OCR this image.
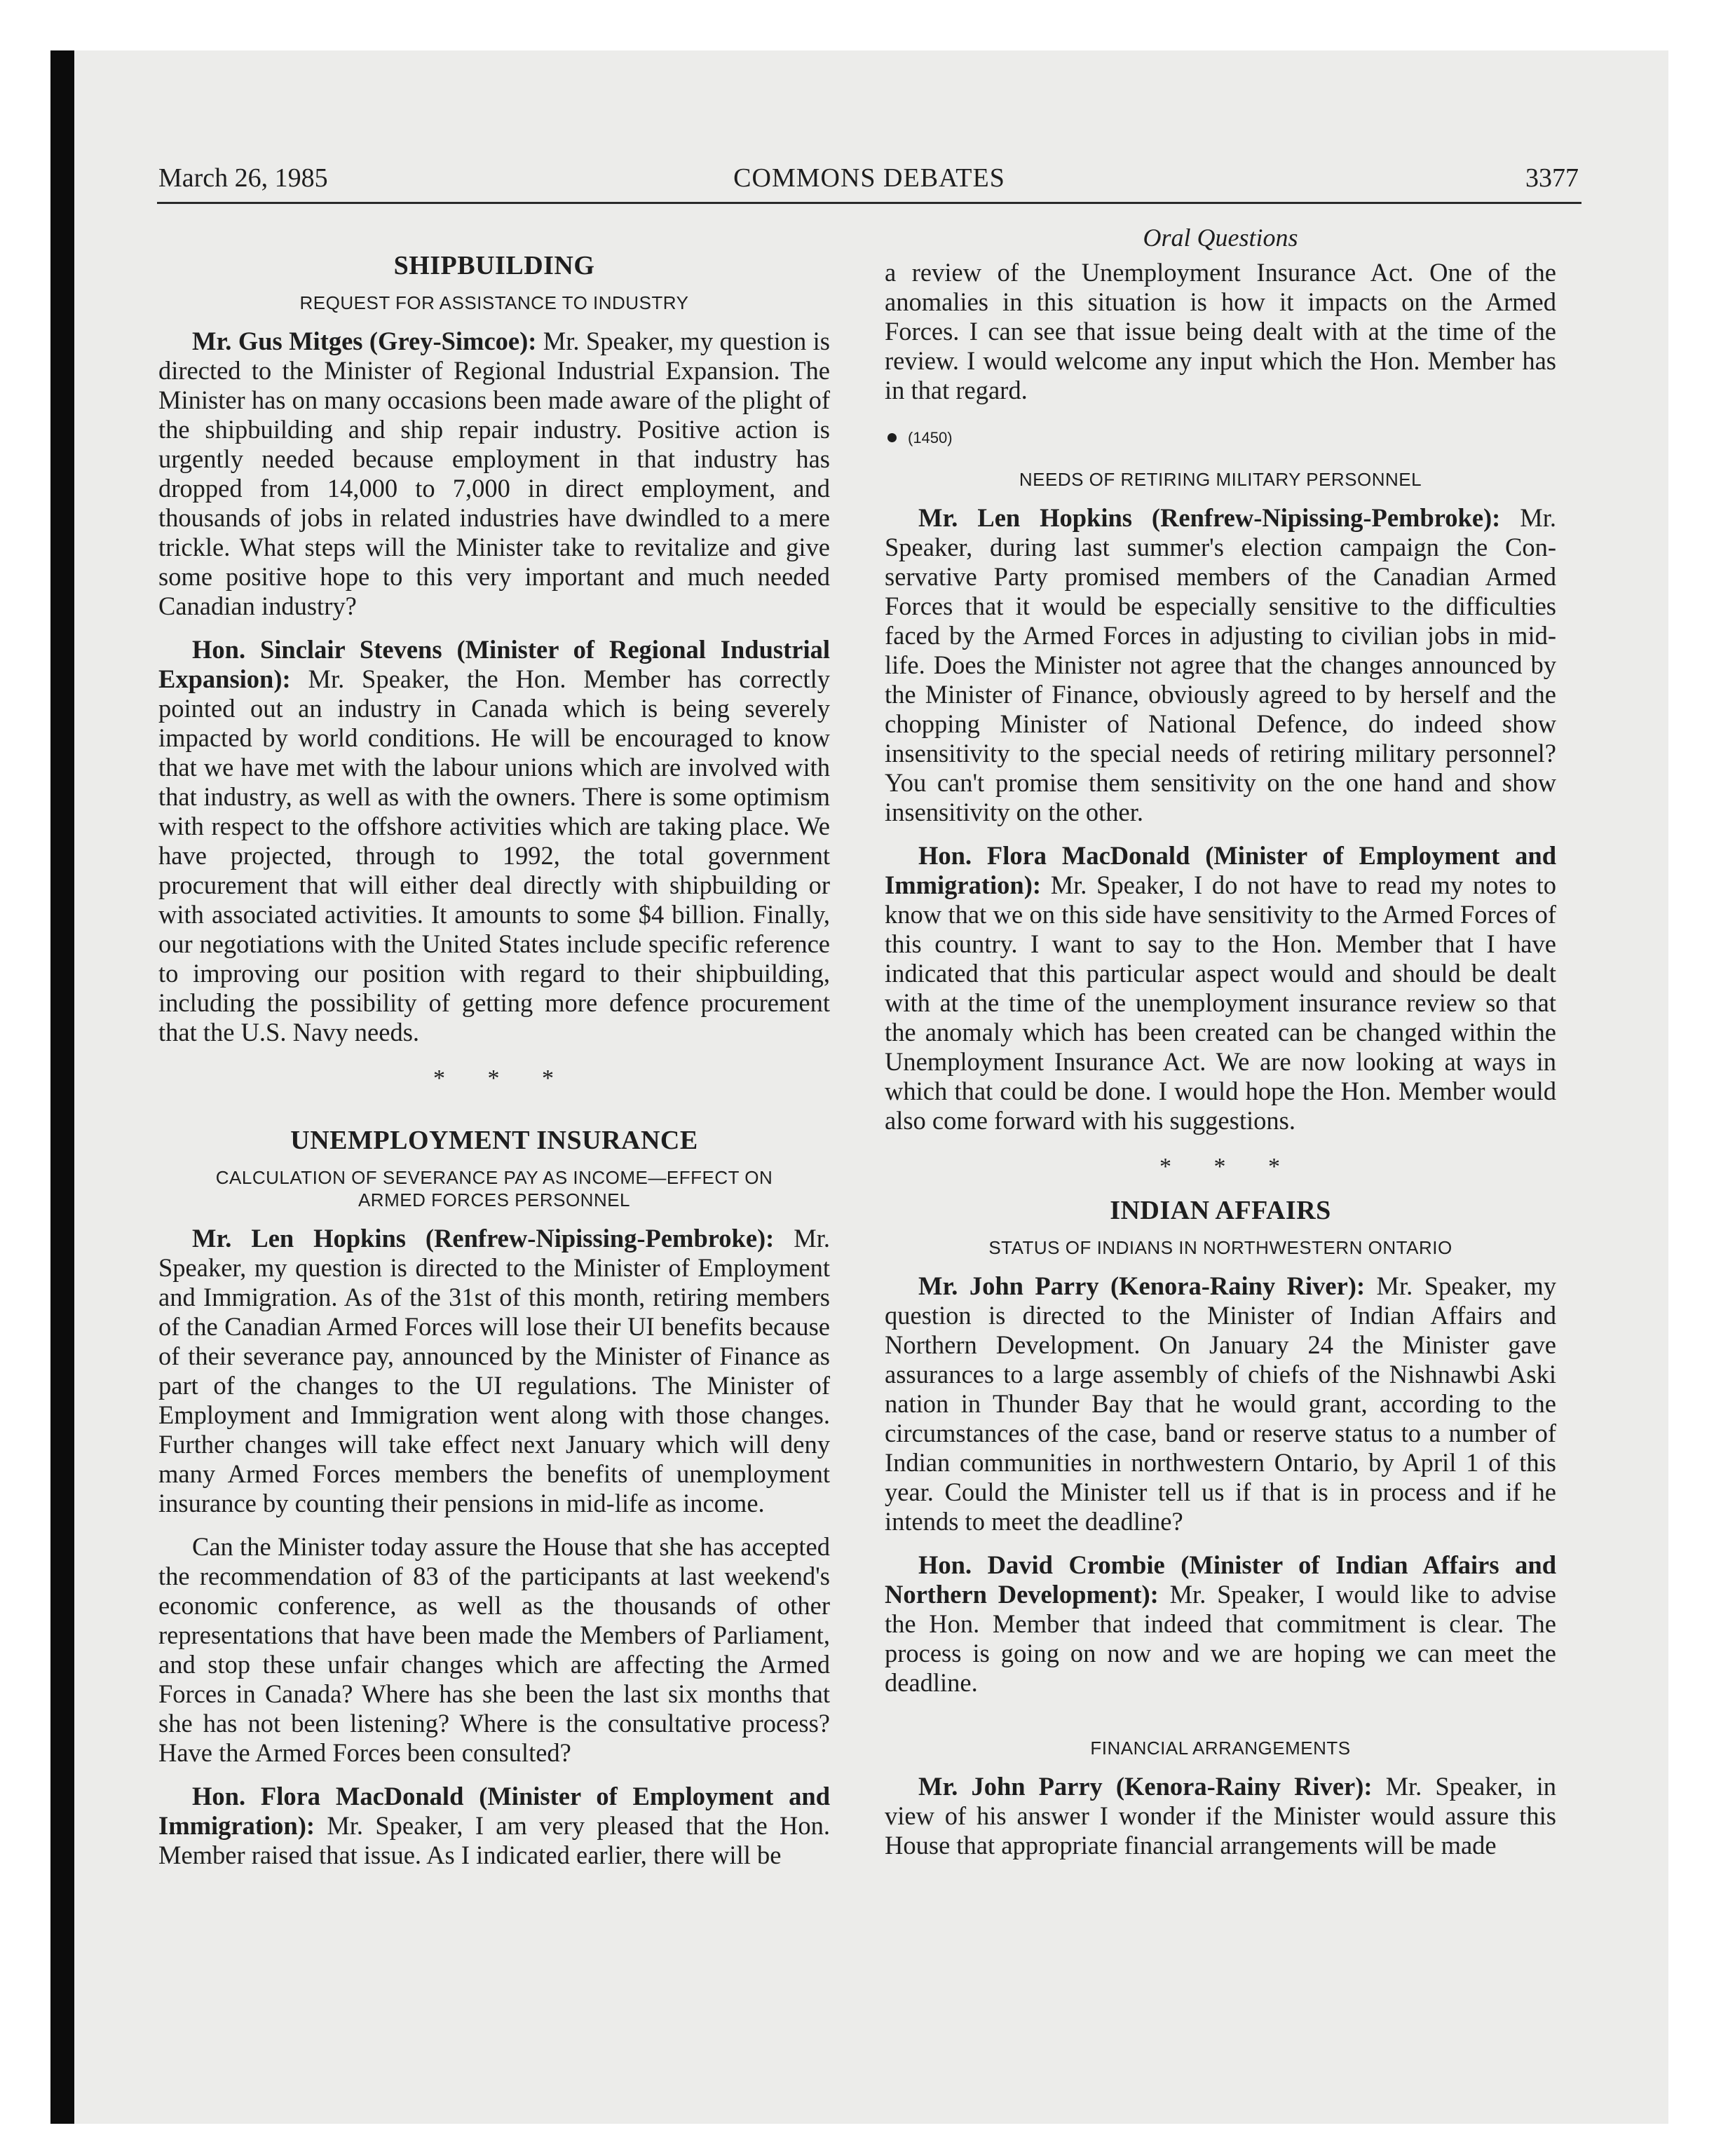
March 26, 1985	COMMONS DEBATES	3377
SHIPBUILDING
REQUEST FOR ASSISTANCE TO INDUSTRY

Mr. Gus Mitges (Grey-Simcoe): Mr. Speaker, my question is directed to the Minister of Regional Industrial Expansion. The Minister has on many occasions been made aware of the plight of the shipbuilding and ship repair industry. Positive action is urgently needed because employment in that industry has dropped from 14,000 to 7,000 in direct employment, and thousands of jobs in related industries have dwindled to a mere trickle. What steps will the Minister take to revitalize and give some positive hope to this very important and much needed Canadian industry?

Hon. Sinclair Stevens (Minister of Regional Industrial Expansion): Mr. Speaker, the Hon. Member has correctly pointed out an industry in Canada which is being severely impacted by world conditions. He will be encouraged to know that we have met with the labour unions which are involved with that industry, as well as with the owners. There is some optimism with respect to the offshore activities which are taking place. We have projected, through to 1992, the total government procurement that will either deal directly with shipbuilding or with associated activities. It amounts to some $4 billion. Finally, our negotiations with the United States include specific reference to improving our position with regard to their shipbuilding, including the possibility of getting more defence procurement that the U.S. Navy needs.

* * *
UNEMPLOYMENT INSURANCE
CALCULATION OF SEVERANCE PAY AS INCOME—EFFECT ON ARMED FORCES PERSONNEL

Mr. Len Hopkins (Renfrew-Nipissing-Pembroke): Mr. Speaker, my question is directed to the Minister of Employment and Immigration. As of the 31st of this month, retiring members of the Canadian Armed Forces will lose their UI benefits because of their severance pay, announced by the Minister of Finance as part of the changes to the UI regulations. The Minister of Employment and Immigration went along with those changes. Further changes will take effect next January which will deny many Armed Forces members the benefits of unemployment insurance by counting their pensions in mid-life as income.

Can the Minister today assure the House that she has accepted the recommendation of 83 of the participants at last weekend's economic conference, as well as the thousands of other representations that have been made the Members of Parliament, and stop these unfair changes which are affecting the Armed Forces in Canada? Where has she been the last six months that she has not been listening? Where is the consultative process? Have the Armed Forces been consulted?

Hon. Flora MacDonald (Minister of Employment and Immigration): Mr. Speaker, I am very pleased that the Hon. Member raised that issue. As I indicated earlier, there will be

Oral Questions

a review of the Unemployment Insurance Act. One of the anomalies in this situation is how it impacts on the Armed Forces. I can see that issue being dealt with at the time of the review. I would welcome any input which the Hon. Member has in that regard.

(1450)
NEEDS OF RETIRING MILITARY PERSONNEL

Mr. Len Hopkins (Renfrew-Nipissing-Pembroke): Mr. Speaker, during last summer's election campaign the Conservative Party promised members of the Canadian Armed Forces that it would be especially sensitive to the difficulties faced by the Armed Forces in adjusting to civilian jobs in mid-life. Does the Minister not agree that the changes announced by the Minister of Finance, obviously agreed to by herself and the chopping Minister of National Defence, do indeed show insensitivity to the special needs of retiring military personnel? You can't promise them sensitivity on the one hand and show insensitivity on the other.

Hon. Flora MacDonald (Minister of Employment and Immigration): Mr. Speaker, I do not have to read my notes to know that we on this side have sensitivity to the Armed Forces of this country. I want to say to the Hon. Member that I have indicated that this particular aspect would and should be dealt with at the time of the unemployment insurance review so that the anomaly which has been created can be changed within the Unemployment Insurance Act. We are now looking at ways in which that could be done. I would hope the Hon. Member would also come forward with his suggestions.

* * *
INDIAN AFFAIRS
STATUS OF INDIANS IN NORTHWESTERN ONTARIO

Mr. John Parry (Kenora-Rainy River): Mr. Speaker, my question is directed to the Minister of Indian Affairs and Northern Development. On January 24 the Minister gave assurances to a large assembly of chiefs of the Nishnawbi Aski nation in Thunder Bay that he would grant, according to the circumstances of the case, band or reserve status to a number of Indian communities in northwestern Ontario, by April 1 of this year. Could the Minister tell us if that is in process and if he intends to meet the deadline?

Hon. David Crombie (Minister of Indian Affairs and Northern Development): Mr. Speaker, I would like to advise the Hon. Member that indeed that commitment is clear. The process is going on now and we are hoping we can meet the deadline.

FINANCIAL ARRANGEMENTS

Mr. John Parry (Kenora-Rainy River): Mr. Speaker, in view of his answer I wonder if the Minister would assure this House that appropriate financial arrangements will be made
